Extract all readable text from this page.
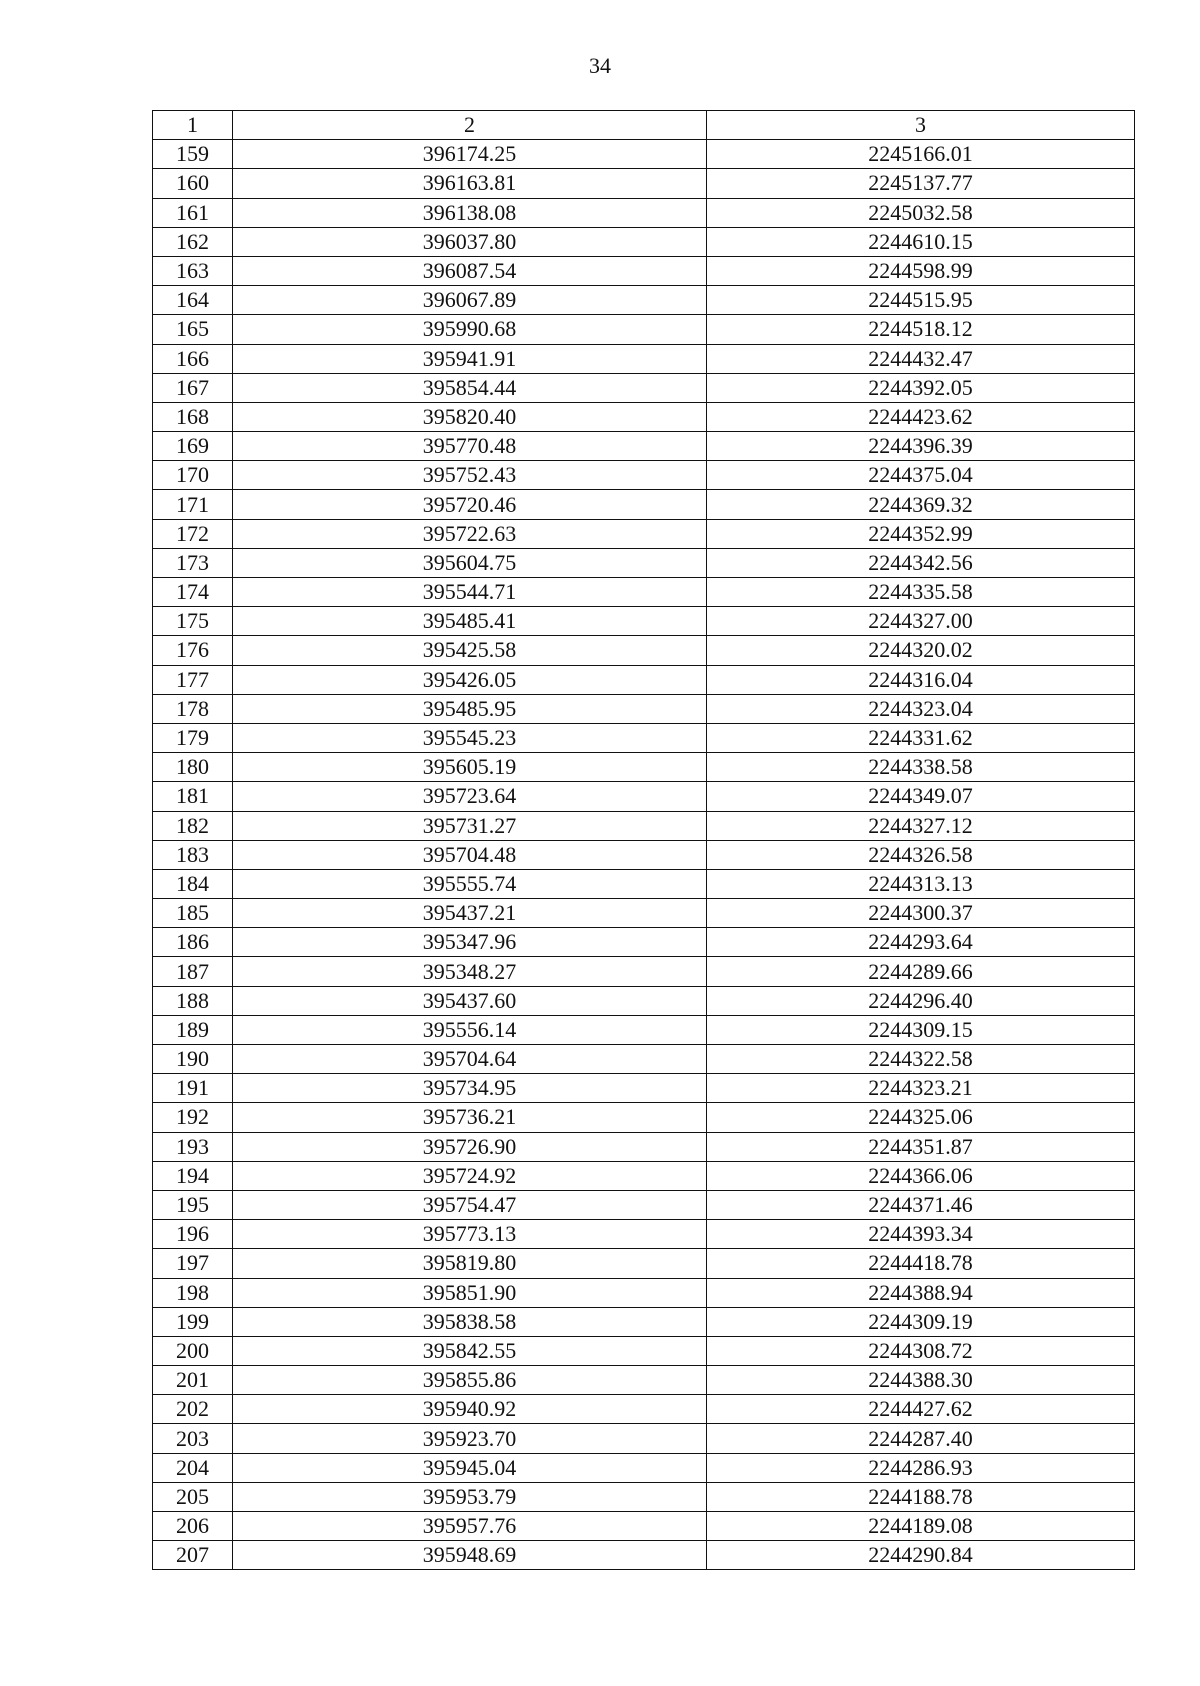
34
1	2	3
159	396174.25	2245166.01
160	396163.81	2245137.77
161	396138.08	2245032.58
162	396037.80	2244610.15
163	396087.54	2244598.99
164	396067.89	2244515.95
165	395990.68	2244518.12
166	395941.91	2244432.47
167	395854.44	2244392.05
168	395820.40	2244423.62
169	395770.48	2244396.39
170	395752.43	2244375.04
171	395720.46	2244369.32
172	395722.63	2244352.99
173	395604.75	2244342.56
174	395544.71	2244335.58
175	395485.41	2244327.00
176	395425.58	2244320.02
177	395426.05	2244316.04
178	395485.95	2244323.04
179	395545.23	2244331.62
180	395605.19	2244338.58
181	395723.64	2244349.07
182	395731.27	2244327.12
183	395704.48	2244326.58
184	395555.74	2244313.13
185	395437.21	2244300.37
186	395347.96	2244293.64
187	395348.27	2244289.66
188	395437.60	2244296.40
189	395556.14	2244309.15
190	395704.64	2244322.58
191	395734.95	2244323.21
192	395736.21	2244325.06
193	395726.90	2244351.87
194	395724.92	2244366.06
195	395754.47	2244371.46
196	395773.13	2244393.34
197	395819.80	2244418.78
198	395851.90	2244388.94
199	395838.58	2244309.19
200	395842.55	2244308.72
201	395855.86	2244388.30
202	395940.92	2244427.62
203	395923.70	2244287.40
204	395945.04	2244286.93
205	395953.79	2244188.78
206	395957.76	2244189.08
207	395948.69	2244290.84
